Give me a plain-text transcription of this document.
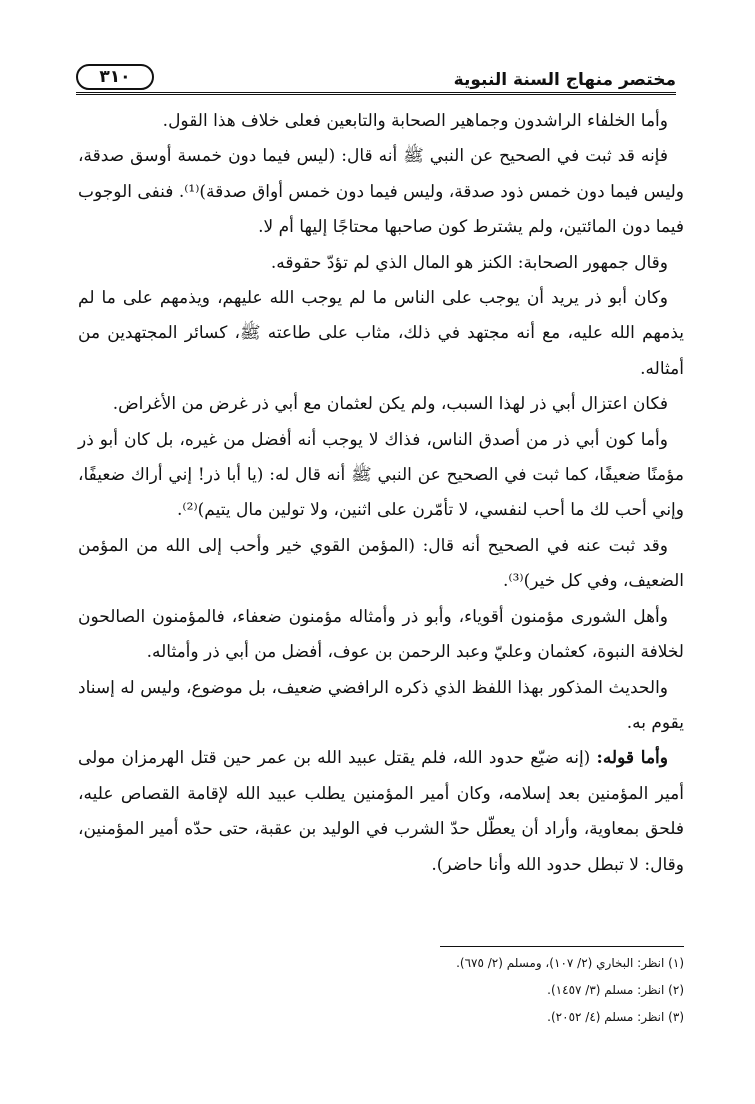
٣١٠	مختصر منهاج السنة النبوية

وأما الخلفاء الراشدون وجماهير الصحابة والتابعين فعلى خلاف هذا القول.

فإنه قد ثبت في الصحيح عن النبي ﷺ أنه قال: (ليس فيما دون خمسة أوسق صدقة، وليس فيما دون خمس ذود صدقة، وليس فيما دون خمس أواق صدقة)⁽¹⁾. فنفى الوجوب فيما دون المائتين، ولم يشترط كون صاحبها محتاجًا إليها أم لا.

وقال جمهور الصحابة: الكنز هو المال الذي لم تؤدّ حقوقه.

وكان أبو ذر يريد أن يوجب على الناس ما لم يوجب الله عليهم، ويذمهم على ما لم يذمهم الله عليه، مع أنه مجتهد في ذلك، مثاب على طاعته ﷺ، كسائر المجتهدين من أمثاله.

فكان اعتزال أبي ذر لهذا السبب، ولم يكن لعثمان مع أبي ذر غرض من الأغراض.

وأما كون أبي ذر من أصدق الناس، فذاك لا يوجب أنه أفضل من غيره، بل كان أبو ذر مؤمنًا ضعيفًا، كما ثبت في الصحيح عن النبي ﷺ أنه قال له: (يا أبا ذر! إني أراك ضعيفًا، وإني أحب لك ما أحب لنفسي، لا تأمّرن على اثنين، ولا تولين مال يتيم)⁽²⁾.

وقد ثبت عنه في الصحيح أنه قال: (المؤمن القوي خير وأحب إلى الله من المؤمن الضعيف، وفي كل خير)⁽³⁾.

وأهل الشورى مؤمنون أقوياء، وأبو ذر وأمثاله مؤمنون ضعفاء، فالمؤمنون الصالحون لخلافة النبوة، كعثمان وعليّ وعبد الرحمن بن عوف، أفضل من أبي ذر وأمثاله.

والحديث المذكور بهذا اللفظ الذي ذكره الرافضي ضعيف، بل موضوع، وليس له إسناد يقوم به.

وأما قوله: (إنه ضيّع حدود الله، فلم يقتل عبيد الله بن عمر حين قتل الهرمزان مولى أمير المؤمنين بعد إسلامه، وكان أمير المؤمنين يطلب عبيد الله لإقامة القصاص عليه، فلحق بمعاوية، وأراد أن يعطّل حدّ الشرب في الوليد بن عقبة، حتى حدّه أمير المؤمنين، وقال: لا تبطل حدود الله وأنا حاضر).

(١) انظر: البخاري (٢/ ١٠٧)، ومسلم (٢/ ٦٧٥).

(٢) انظر: مسلم (٣/ ١٤٥٧).

(٣) انظر: مسلم (٤/ ٢٠٥٢).
